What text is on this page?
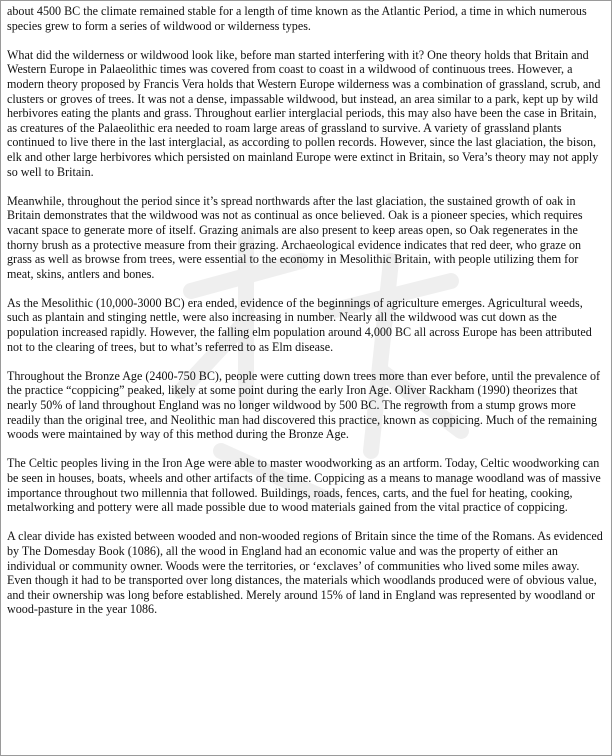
about 4500 BC the climate remained stable for a length of time known as the Atlantic Period, a time in which numerous species grew to form a series of wildwood or wilderness types.

What did the wilderness or wildwood look like, before man started interfering with it? One theory holds that Britain and Western Europe in Palaeolithic times was covered from coast to coast in a wildwood of continuous trees. However, a modern theory proposed by Francis Vera holds that Western Europe wilderness was a combination of grassland, scrub, and clusters or groves of trees. It was not a dense, impassable wildwood, but instead, an area similar to a park, kept up by wild herbivores eating the plants and grass. Throughout earlier interglacial periods, this may also have been the case in Britain, as creatures of the Palaeolithic era needed to roam large areas of grassland to survive. A variety of grassland plants continued to live there in the last interglacial, as according to pollen records. However, since the last glaciation, the bison, elk and other large herbivores which persisted on mainland Europe were extinct in Britain, so Vera’s theory may not apply so well to Britain.

Meanwhile, throughout the period since it’s spread northwards after the last glaciation, the sustained growth of oak in Britain demonstrates that the wildwood was not as continual as once believed. Oak is a pioneer species, which requires vacant space to generate more of itself. Grazing animals are also present to keep areas open, so Oak regenerates in the thorny brush as a protective measure from their grazing. Archaeological evidence indicates that red deer, who graze on grass as well as browse from trees, were essential to the economy in Mesolithic Britain, with people utilizing them for meat, skins, antlers and bones.

As the Mesolithic (10,000-3000 BC) era ended, evidence of the beginnings of agriculture emerges. Agricultural weeds, such as plantain and stinging nettle, were also increasing in number. Nearly all the wildwood was cut down as the population increased rapidly. However, the falling elm population around 4,000 BC all across Europe has been attributed not to the clearing of trees, but to what’s referred to as Elm disease.

Throughout the Bronze Age (2400-750 BC), people were cutting down trees more than ever before, until the prevalence of the practice “coppicing” peaked, likely at some point during the early Iron Age. Oliver Rackham (1990) theorizes that nearly 50% of land throughout England was no longer wildwood by 500 BC. The regrowth from a stump grows more readily than the original tree, and Neolithic man had discovered this practice, known as coppicing. Much of the remaining woods were maintained by way of this method during the Bronze Age.

The Celtic peoples living in the Iron Age were able to master woodworking as an artform. Today, Celtic woodworking can be seen in houses, boats, wheels and other artifacts of the time. Coppicing as a means to manage woodland was of massive importance throughout two millennia that followed. Buildings, roads, fences, carts, and the fuel for heating, cooking, metalworking and pottery were all made possible due to wood materials gained from the vital practice of coppicing.

A clear divide has existed between wooded and non-wooded regions of Britain since the time of the Romans. As evidenced by The Domesday Book (1086), all the wood in England had an economic value and was the property of either an individual or community owner. Woods were the territories, or ‘exclaves’ of communities who lived some miles away. Even though it had to be transported over long distances, the materials which woodlands produced were of obvious value, and their ownership was long before established. Merely around 15% of land in England was represented by woodland or wood-pasture in the year 1086.
